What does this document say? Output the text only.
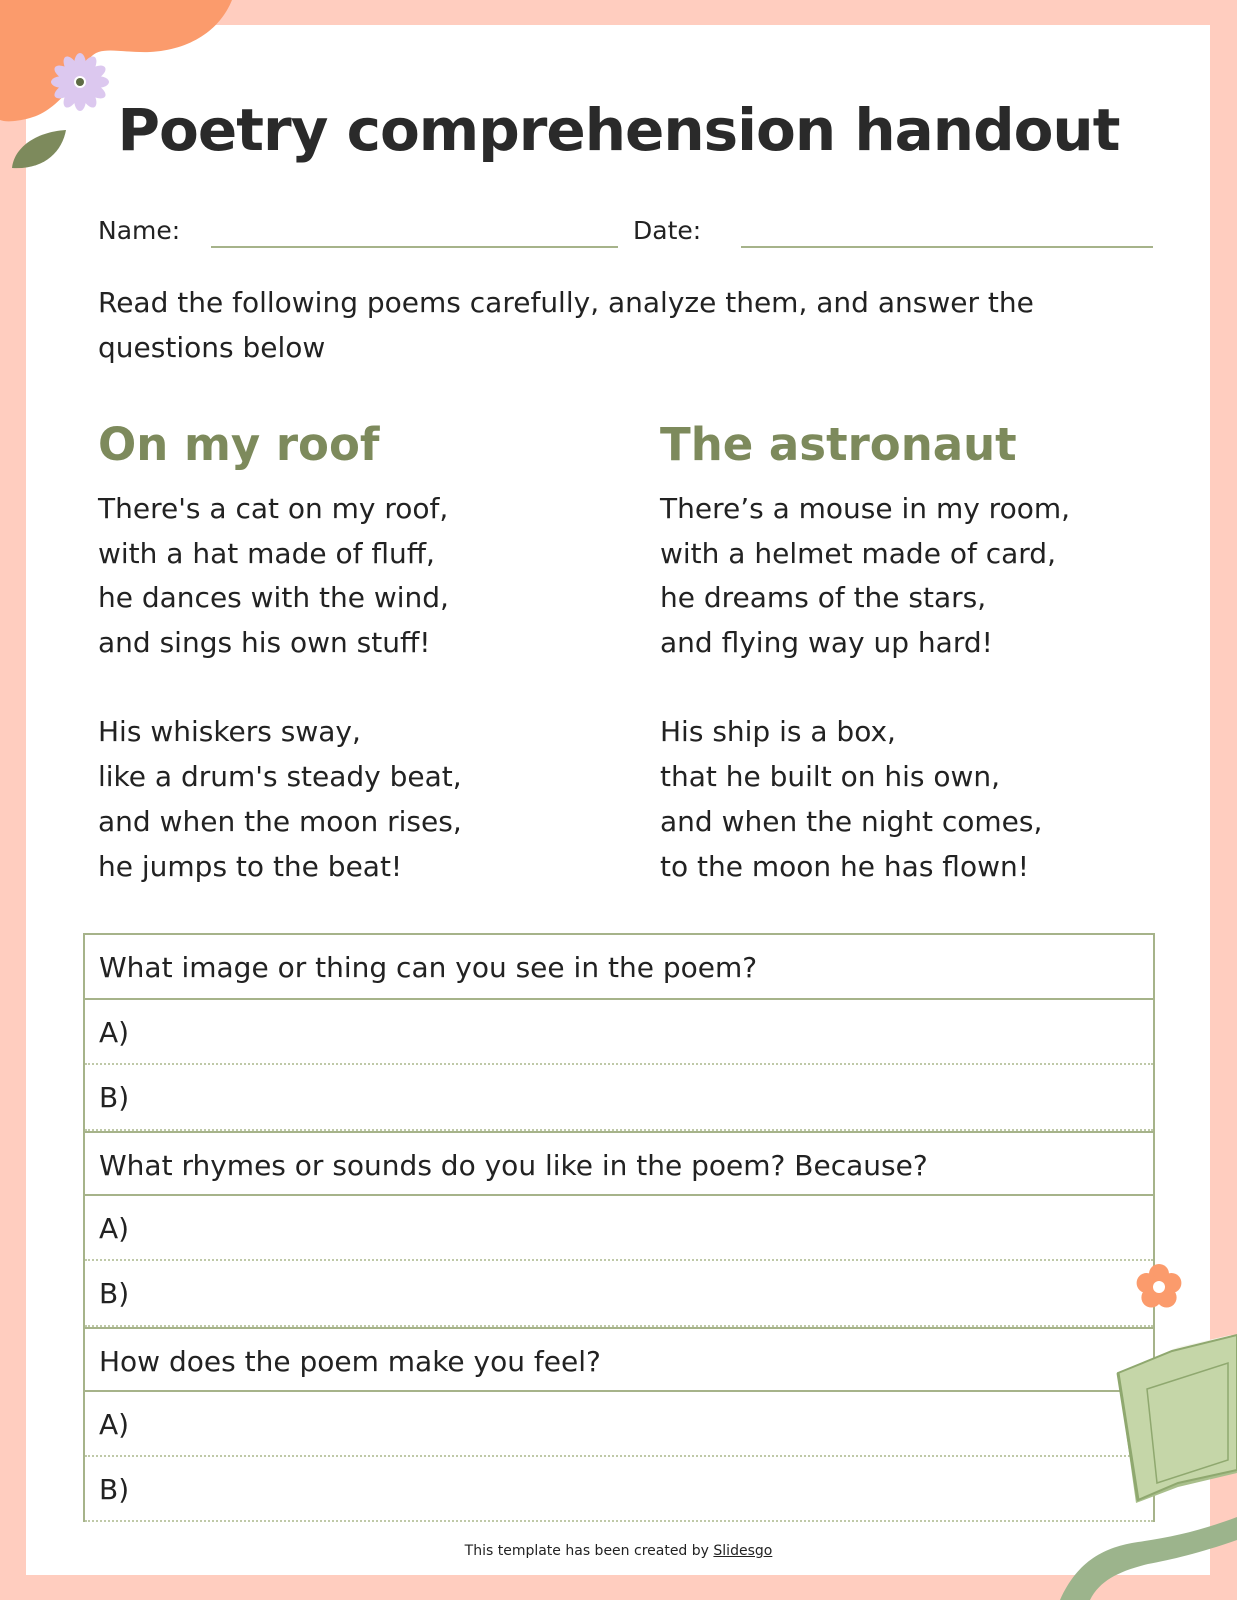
Poetry comprehension handout
Name:	Date:

Read the following poems carefully, analyze them, and answer the questions below

On my roof
There's a cat on my roof,
with a hat made of fluff,
he dances with the wind,
and sings his own stuff!
His whiskers sway,
like a drum's steady beat,
and when the moon rises,
he jumps to the beat!
The astronaut
There’s a mouse in my room,
with a helmet made of card,
he dreams of the stars,
and flying way up hard!
His ship is a box,
that he built on his own,
and when the night comes,
to the moon he has flown!
What image or thing can you see in the poem?
A)
B)
What rhymes or sounds do you like in the poem? Because?
A)
B)
How does the poem make you feel?
A)
B)
This template has been created by Slidesgo
